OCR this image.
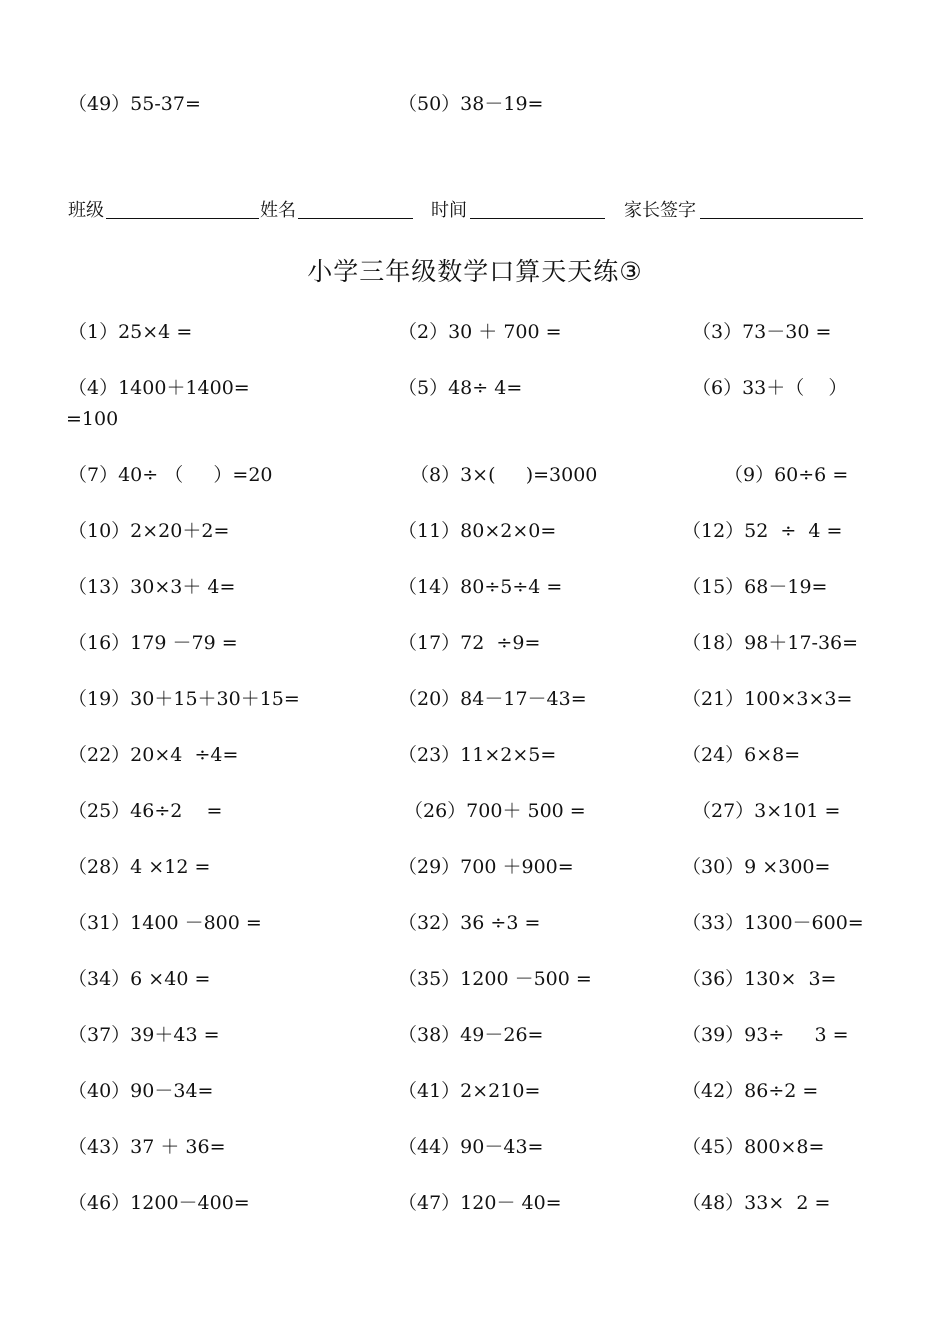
（49）55-37=	（50）38－19=
班级	姓名	时间	家长签字
小学三年级数学口算天天练③
（1）25×4 =	（2）30 ＋ 700 =	（3）73－30 =
（4）1400＋1400=	（5）48÷ 4=	（6）33＋（    ）
=100
（7）40÷ （     ）=20	（8）3×(     )=3000	（9）60÷6 =
（10）2×20＋2=	（11）80×2×0=	（12）52  ÷  4 =
（13）30×3＋ 4=	（14）80÷5÷4 =	（15）68－19=
（16）179 －79 =	（17）72  ÷9=	（18）98＋17-36=
（19）30＋15＋30＋15=	（20）84－17－43=	（21）100×3×3=
（22）20×4  ÷4=	（23）11×2×5=	（24）6×8=
（25）46÷2    =	（26）700＋ 500 =	（27）3×101 =
（28）4 ×12 =	（29）700 ＋900=	（30）9 ×300=
（31）1400 －800 =	（32）36 ÷3 =	（33）1300－600=
（34）6 ×40 =	（35）1200 －500 =	（36）130×  3=
（37）39＋43 =	（38）49－26=	（39）93÷     3 =
（40）90－34=	（41）2×210=	（42）86÷2 =
（43）37 ＋ 36=	（44）90－43=	（45）800×8=
（46）1200－400=	（47）120－ 40=	（48）33×  2 =
